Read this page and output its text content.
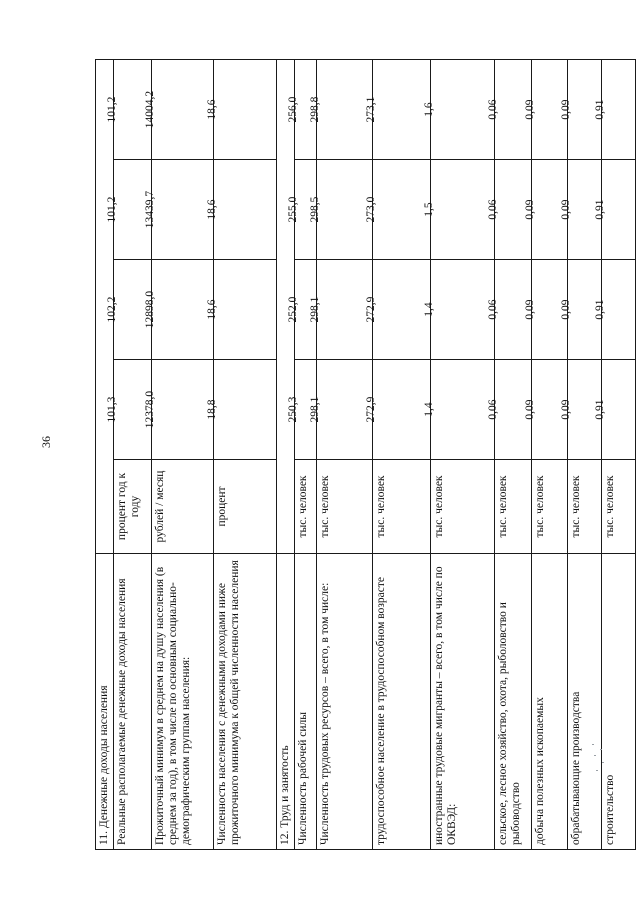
36
11. Денежные доходы населения					
Реальные располагаемые денежные доходы населения	процент год к году	101,3	102,2	101,2	101,2
Прожиточный минимум в среднем на душу населения (в среднем за год), в том числе по основным социально-демографическим группам населения:	рублей / месяц	12378,0	12898,0	13439,7	14004,2
Численность населения с денежными доходами ниже прожиточного минимума к общей численности населения	процент	18,8	18,6	18,6	18,6
12. Труд и занятость					
Численность рабочей силы	тыс. человек	250,3	252,0	255,0	256,0
Численность трудовых ресурсов – всего, в том числе:	тыс. человек	298,1	298,1	298,5	298,8
трудоспособное население в трудоспособном возрасте	тыс. человек	272,9	272,9	273,0	273,1
иностранные трудовые мигранты – всего, в том числе по ОКВЭД:	тыс. человек	1,4	1,4	1,5	1,6
сельское, лесное хозяйство, охота, рыболовство и рыбоводство	тыс. человек	0,06	0,06	0,06	0,06
добыча полезных ископаемых	тыс. человек	0,09	0,09	0,09	0,09
обрабатывающие производства	тыс. человек	0,09	0,09	0,09	0,09
строительство	тыс. человек	0,91	0,91	0,91	0,91
